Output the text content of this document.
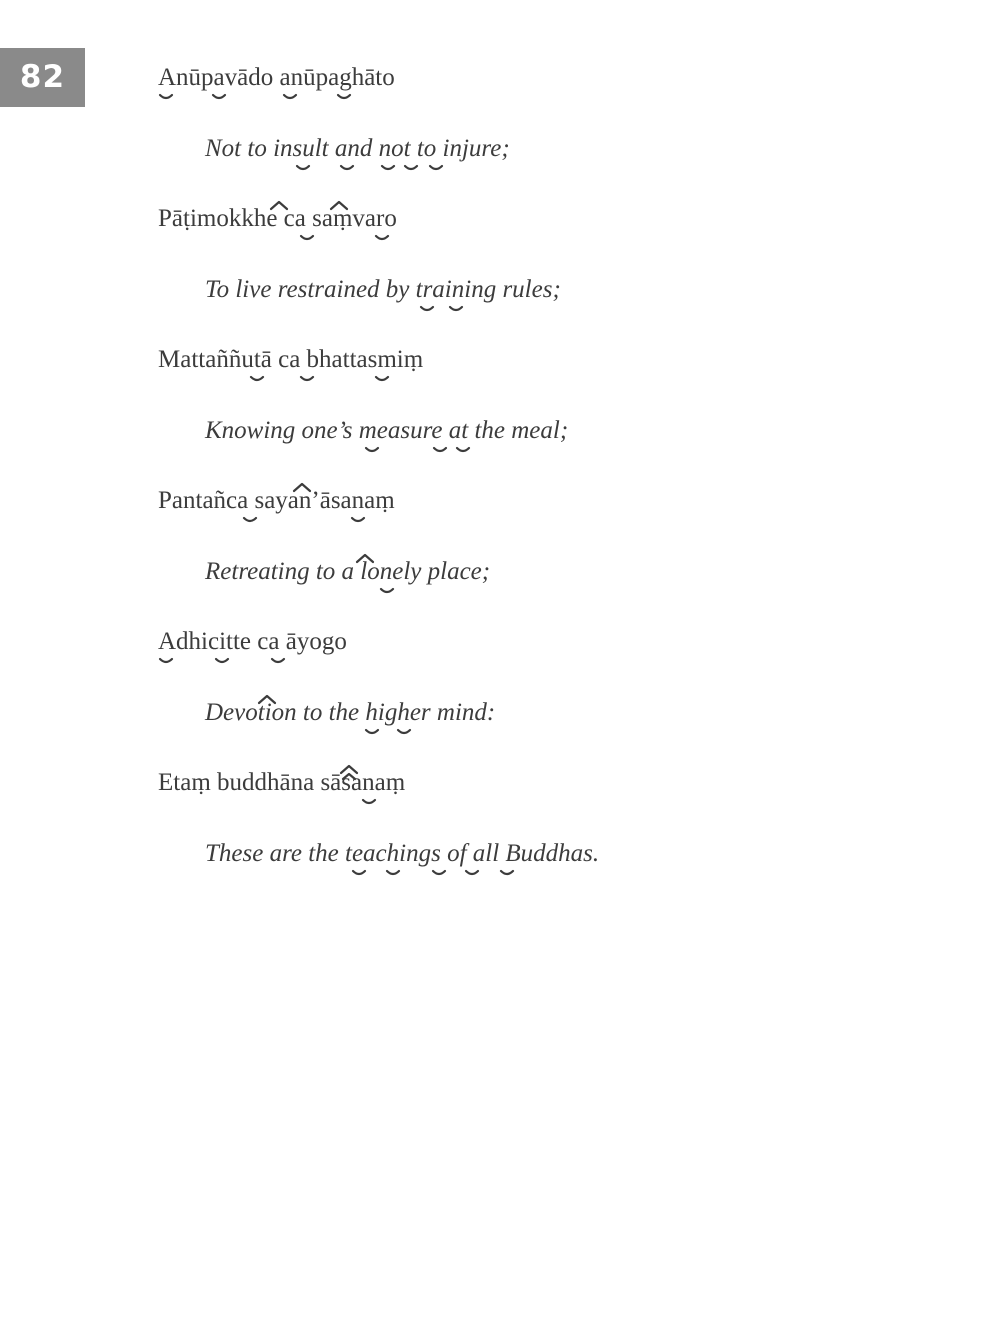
82	Anūpavādo anūpaghāto
Not to insult and not to injure;
Pāṭimokkhe ca saṃvaro
To live restrained by training rules;
Mattaññutā ca bhattasmiṃ
Knowing one’s measure at the meal;
Pantañca sayan’āsanaṃ
Retreating to a lonely place;
Adhicitte ca āyogo
Devotion to the higher mind:
Etaṃ buddhāna sāsanaṃ
These are the teachings of all Buddhas.
